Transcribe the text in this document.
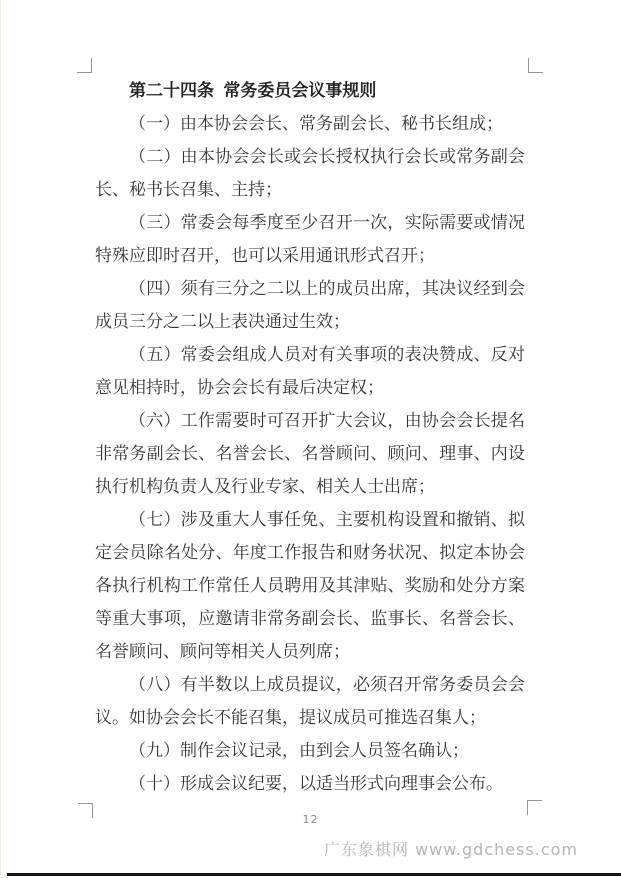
第二十四条 常务委员会议事规则

（一）由本协会会长、常务副会长、秘书长组成；

（二）由本协会会长或会长授权执行会长或常务副会长、秘书长召集、主持；

（三）常委会每季度至少召开一次，实际需要或情况特殊应即时召开，也可以采用通讯形式召开；

（四）须有三分之二以上的成员出席，其决议经到会成员三分之二以上表决通过生效；

（五）常委会组成人员对有关事项的表决赞成、反对意见相持时，协会会长有最后决定权；

（六）工作需要时可召开扩大会议，由协会会长提名非常务副会长、名誉会长、名誉顾问、顾问、理事、内设执行机构负责人及行业专家、相关人士出席；

（七）涉及重大人事任免、主要机构设置和撤销、拟定会员除名处分、年度工作报告和财务状况、拟定本协会各执行机构工作常任人员聘用及其津贴、奖励和处分方案等重大事项，应邀请非常务副会长、监事长、名誉会长、名誉顾问、顾问等相关人员列席；

（八）有半数以上成员提议，必须召开常务委员会会议。如协会会长不能召集，提议成员可推选召集人；

（九）制作会议记录，由到会人员签名确认；

（十）形成会议纪要，以适当形式向理事会公布。

12
广东象棋网 www.gdchess.com
